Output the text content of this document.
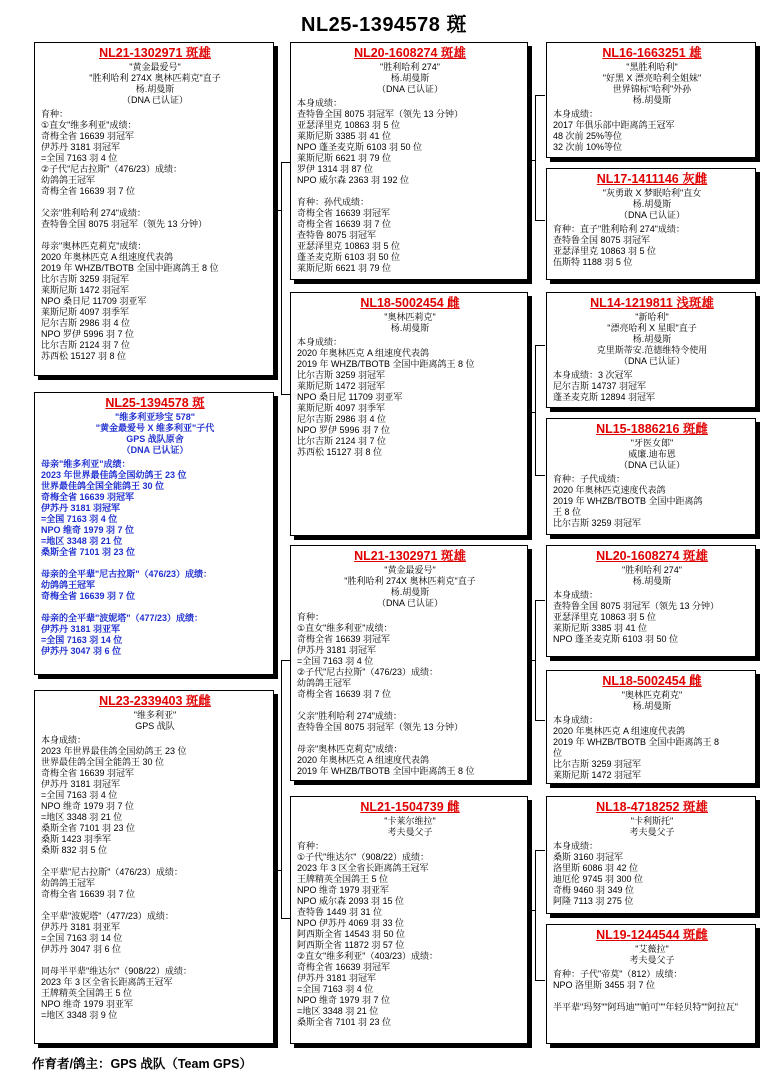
NL25-1394578 斑
NL21-1302971 斑雄
"黄金最爱号"
"胜利哈利 274X 奥林匹莉克"直子
杨.胡曼斯
（DNA 已认证）
育种：
①直女"维多利亚"成绩：
奇梅全省 16639 羽冠军
伊苏丹 3181 羽冠军
=全国 7163 羽 4 位
②子代"尼古拉斯"（476/23）成绩：
幼鸽鸽王冠军
奇梅全省 16639 羽 7 位
父亲"胜利哈利 274"成绩：
查特鲁全国 8075 羽冠军（领先 13 分钟）
母亲"奥林匹克莉克"成绩：
2020 年奥林匹克 A 组速度代表鸽
2019 年 WHZB/TBOTB 全国中距离鸽王 8 位
比尔吉斯 3259 羽冠军
莱斯尼斯 1472 羽冠军
NPO 桑日尼 11709 羽亚军
莱斯尼斯 4097 羽季军
尼尔吉斯 2986 羽 4 位
NPO 罗伊 5996 羽 7 位
比尔吉斯 2124 羽 7 位
苏西松 15127 羽 8 位
NL25-1394578 斑
"维多利亚珍宝 578"
"黄金最爱号 X 维多利亚"子代
GPS 战队原舍
（DNA 已认证）
母亲"维多利亚"成绩：
2023 年世界最佳鸽全国幼鸽王 23 位
世界最佳鸽全国全能鸽王 30 位
奇梅全省 16639 羽冠军
伊苏丹 3181 羽冠军
=全国 7163 羽 4 位
NPO 维奇 1979 羽 7 位
=地区 3348 羽 21 位
桑斯全省 7101 羽 23 位
母亲的全平辈"尼古拉斯"（476/23）成绩：
幼鸽鸽王冠军
奇梅全省 16639 羽 7 位
母亲的全平辈"波妮塔"（477/23）成绩：
伊苏丹 3181 羽亚军
=全国 7163 羽 14 位
伊苏丹 3047 羽 6 位
NL23-2339403 斑雌
"维多利亚"
GPS 战队
本身成绩：
2023 年世界最佳鸽全国幼鸽王 23 位
世界最佳鸽全国全能鸽王 30 位
奇梅全省 16639 羽冠军
伊苏丹 3181 羽冠军
=全国 7163 羽 4 位
NPO 维奇 1979 羽 7 位
=地区 3348 羽 21 位
桑斯全省 7101 羽 23 位
桑斯 1423 羽季军
桑斯 832 羽 5 位
全平辈"尼古拉斯"（476/23）成绩：
幼鸽鸽王冠军
奇梅全省 16639 羽 7 位
全平辈"波妮塔"（477/23）成绩：
伊苏丹 3181 羽亚军
=全国 7163 羽 14 位
伊苏丹 3047 羽 6 位
同母半平辈"维达尔"（908/22）成绩：
2023 年 3 区全省长距离鸽王冠军
王牌精英全国鸽王 5 位
NPO 维奇 1979 羽亚军
=地区 3348 羽 9 位
NL20-1608274 斑雄
"胜利哈利 274"
杨.胡曼斯
（DNA 已认证）
本身成绩：
查特鲁全国 8075 羽冠军（领先 13 分钟）
亚瑟泽里克 10863 羽 5 位
莱斯尼斯 3385 羽 41 位
NPO 蓬圣麦克斯 6103 羽 50 位
莱斯尼斯 6621 羽 79 位
罗伊 1314 羽 87 位
NPO 威尔森 2363 羽 192 位
育种：孙代成绩：
奇梅全省 16639 羽冠军
奇梅全省 16639 羽 7 位
查特鲁 8075 羽冠军
亚瑟泽里克 10863 羽 5 位
蓬圣麦克斯 6103 羽 50 位
莱斯尼斯 6621 羽 79 位
NL18-5002454 雌
"奥林匹莉克"
杨.胡曼斯
本身成绩：
2020 年奥林匹克 A 组速度代表鸽
2019 年 WHZB/TBOTB 全国中距离鸽王 8 位
比尔吉斯 3259 羽冠军
莱斯尼斯 1472 羽冠军
NPO 桑日尼 11709 羽亚军
莱斯尼斯 4097 羽季军
尼尔吉斯 2986 羽 4 位
NPO 罗伊 5996 羽 7 位
比尔吉斯 2124 羽 7 位
苏西松 15127 羽 8 位
NL21-1302971 斑雄
"黄金最爱号"
"胜利哈利 274X 奥林匹莉克"直子
杨.胡曼斯
（DNA 已认证）
育种：
①直女"维多利亚"成绩：
奇梅全省 16639 羽冠军
伊苏丹 3181 羽冠军
=全国 7163 羽 4 位
②子代"尼古拉斯"（476/23）成绩：
幼鸽鸽王冠军
奇梅全省 16639 羽 7 位
父亲"胜利哈利 274"成绩：
查特鲁全国 8075 羽冠军（领先 13 分钟）
母亲"奥林匹克莉克"成绩：
2020 年奥林匹克 A 组速度代表鸽
2019 年 WHZB/TBOTB 全国中距离鸽王 8 位
NL21-1504739 雌
"卡莱尔维拉"
考夫曼父子
育种：
①子代"维达尔"（908/22）成绩：
2023 年 3 区全省长距离鸽王冠军
王牌精英全国鸽王 5 位
NPO 维奇 1979 羽亚军
NPO 威尔森 2093 羽 15 位
查特鲁 1449 羽 31 位
NPO 伊苏丹 4069 羽 33 位
阿西斯全省 14543 羽 50 位
阿西斯全省 11872 羽 57 位
②直女"维多利亚"（403/23）成绩：
奇梅全省 16639 羽冠军
伊苏丹 3181 羽冠军
=全国 7163 羽 4 位
NPO 维奇 1979 羽 7 位
=地区 3348 羽 21 位
桑斯全省 7101 羽 23 位
NL16-1663251 雄
"黑胜利哈利"
"好黑 X 漂亮哈利全姐妹"
世界锦标"哈利"外孙
杨.胡曼斯
本身成绩：
2017 年俱乐部中距离鸽王冠军
48 次前 25%等位
32 次前 10%等位
NL17-1411146 灰雌
"灰勇敢 X 梦眠哈利"直女
杨.胡曼斯
（DNA 已认证）
育种：直子"胜利哈利 274"成绩：
查特鲁全国 8075 羽冠军
亚瑟泽里克 10863 羽 5 位
伍斯特 1188 羽 5 位
NL14-1219811 浅斑雄
"新哈利"
"漂亮哈利 X 星眼"直子
杨.胡曼斯
克里斯蒂安.范德维特令使用
（DNA 已认证）
本身成绩：3 次冠军
尼尔吉斯 14737 羽冠军
蓬圣麦克斯 12894 羽冠军
NL15-1886216 斑雌
"牙医女郎"
威廉.迪布恩
（DNA 已认证）
育种：子代成绩：
2020 年奥林匹克速度代表鸽
2019 年 WHZB/TBOTB 全国中距离鸽
王 8 位
比尔吉斯 3259 羽冠军
NL20-1608274 斑雄
"胜利哈利 274"
杨.胡曼斯
本身成绩：
查特鲁全国 8075 羽冠军（领先 13 分钟）
亚瑟泽里克 10863 羽 5 位
莱斯尼斯 3385 羽 41 位
NPO 蓬圣麦克斯 6103 羽 50 位
NL18-5002454 雌
"奥林匹克莉克"
杨.胡曼斯
本身成绩：
2020 年奥林匹克 A 组速度代表鸽
2019 年 WHZB/TBOTB 全国中距离鸽王 8
位
比尔吉斯 3259 羽冠军
莱斯尼斯 1472 羽冠军
NL18-4718252 斑雄
"卡利斯托"
考夫曼父子
本身成绩：
桑斯 3160 羽冠军
洛里斯 6086 羽 42 位
迪厄伦 9745 羽 300 位
奇梅 9460 羽 349 位
阿隆 7113 羽 275 位
NL19-1244544 斑雌
"艾薇拉"
考夫曼父子
育种：子代"帝莫"（812）成绩：
NPO 洛里斯 3455 羽 7 位
半平辈"玛努""阿玛迪""帕可""年轻贝特""阿拉瓦"
作育者/鸽主：GPS 战队（Team GPS）
